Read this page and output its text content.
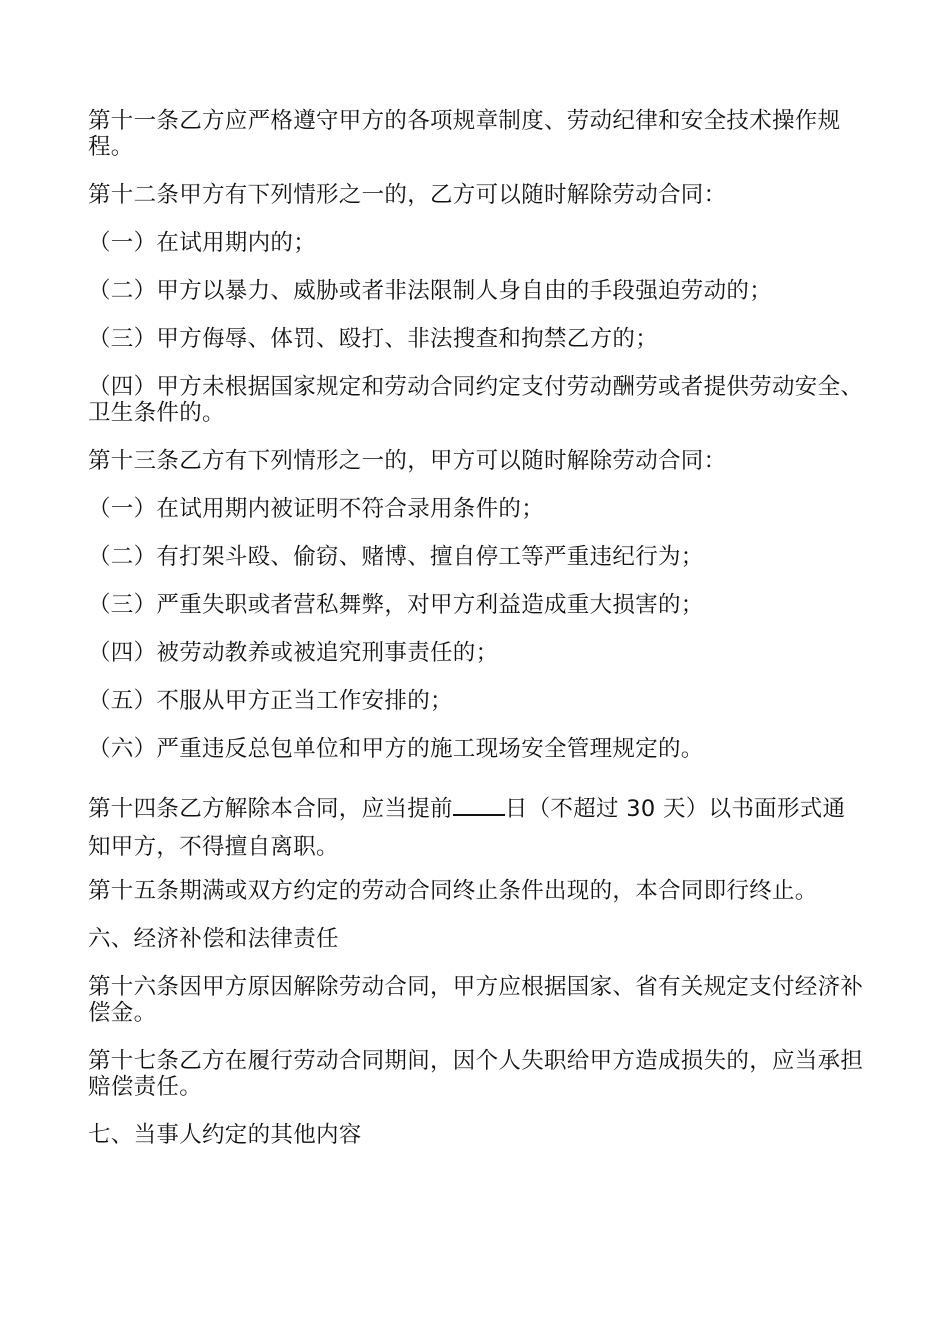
第十一条乙方应严格遵守甲方的各项规章制度、劳动纪律和安全技术操作规程。

第十二条甲方有下列情形之一的，乙方可以随时解除劳动合同：

（一）在试用期内的；

（二）甲方以暴力、威胁或者非法限制人身自由的手段强迫劳动的；

（三）甲方侮辱、体罚、殴打、非法搜查和拘禁乙方的；

（四）甲方未根据国家规定和劳动合同约定支付劳动酬劳或者提供劳动安全、卫生条件的。

第十三条乙方有下列情形之一的，甲方可以随时解除劳动合同：

（一）在试用期内被证明不符合录用条件的；

（二）有打架斗殴、偷窃、赌博、擅自停工等严重违纪行为；

（三）严重失职或者营私舞弊，对甲方利益造成重大损害的；

（四）被劳动教养或被追究刑事责任的；

（五）不服从甲方正当工作安排的；

（六）严重违反总包单位和甲方的施工现场安全管理规定的。

第十四条乙方解除本合同，应当提前 日（不超过 30 天）以书面形式通知甲方，不得擅自离职。

第十五条期满或双方约定的劳动合同终止条件出现的，本合同即行终止。

六、经济补偿和法律责任

第十六条因甲方原因解除劳动合同，甲方应根据国家、省有关规定支付经济补偿金。

第十七条乙方在履行劳动合同期间，因个人失职给甲方造成损失的，应当承担赔偿责任。

七、当事人约定的其他内容
